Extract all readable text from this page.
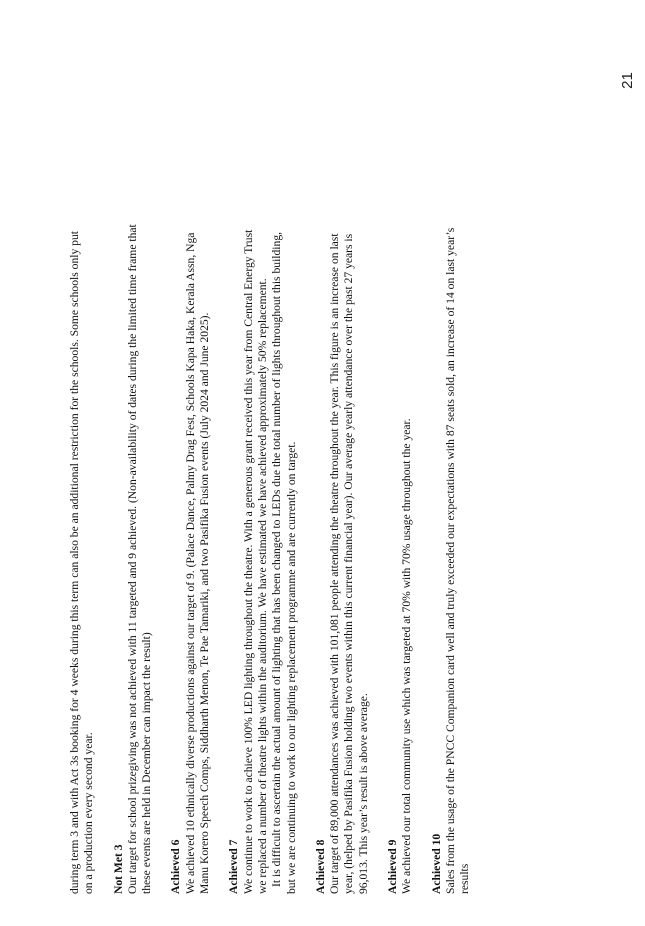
21
during term 3 and with Act 3s booking for 4 weeks during this term can also be an additional restriction for the schools. Some schools only put on a production every second year. Not Met 3 Our target for school prizegiving was not achieved with 11 targeted and 9 achieved. (Non-availability of dates during the limited time frame that these events are held in December can impact the result) Achieved 6 We achieved 10 ethnically diverse productions against our target of 9. (Palace Dance, Palmy Drag Fest, Schools Kapa Haka, Kerala Assn, Nga Manu Korero Speech Comps, Siddharth Menon, Te Pae Tamariki, and two Pasifika Fusion events (July 2024 and June 2025). Achieved 7 We continue to work to achieve 100% LED lighting throughout the theatre. With a generous grant received this year from Central Energy Trust we replaced a number of theatre lights within the auditorium. We have estimated we have achieved approximately 50% replacement. It is difficult to ascertain the actual amount of lighting that has been changed to LEDs due the total number of lights throughout this building, but we are continuing to work to our lighting replacement programme and are currently on target. Achieved 8 Our target of 89,000 attendances was achieved with 101,081 people attending the theatre throughout the year. This figure is an increase on last year, (helped by Pasifika Fusion holding two events within this current financial year). Our average yearly attendance over the past 27 years is 96,013. This year’s result is above average. Achieved 9 We achieved our total community use which was targeted at 70% with 70% usage throughout the year. Achieved 10 Sales from the usage of the PNCC Companion card well and truly exceeded our expectations with 87 seats sold, an increase of 14 on last year’s results
